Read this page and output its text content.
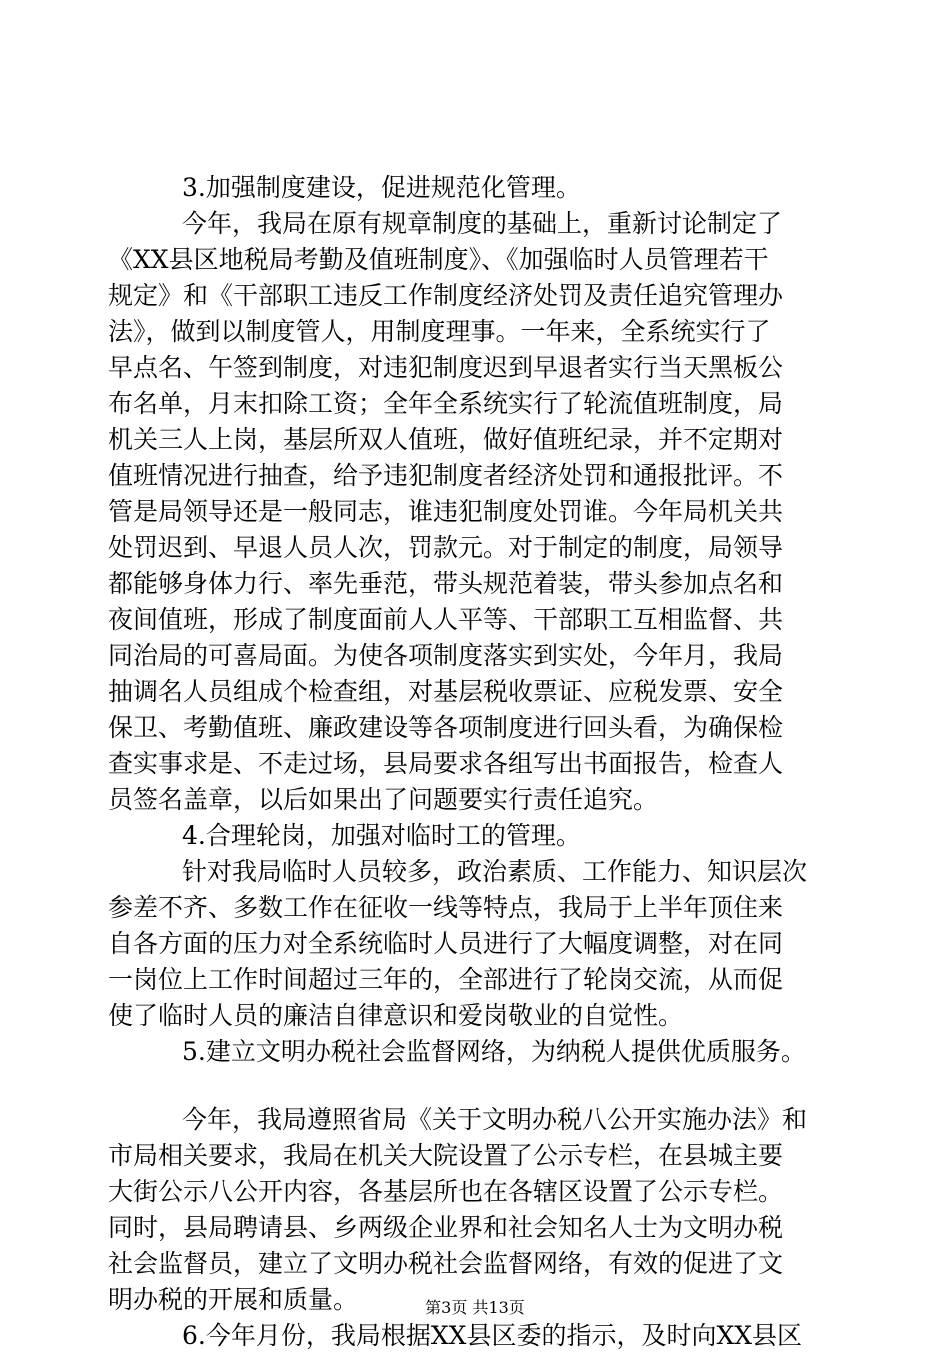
3.加强制度建设，促进规范化管理。
今年，我局在原有规章制度的基础上，重新讨论制定了
《XX县区地税局考勤及值班制度》、《加强临时人员管理若干
规定》和《干部职工违反工作制度经济处罚及责任追究管理办
法》，做到以制度管人，用制度理事。一年来，全系统实行了
早点名、午签到制度，对违犯制度迟到早退者实行当天黑板公
布名单，月末扣除工资；全年全系统实行了轮流值班制度，局
机关三人上岗，基层所双人值班，做好值班纪录，并不定期对
值班情况进行抽查，给予违犯制度者经济处罚和通报批评。不
管是局领导还是一般同志，谁违犯制度处罚谁。今年局机关共
处罚迟到、早退人员人次，罚款元。对于制定的制度，局领导
都能够身体力行、率先垂范，带头规范着装，带头参加点名和
夜间值班，形成了制度面前人人平等、干部职工互相监督、共
同治局的可喜局面。为使各项制度落实到实处，今年月，我局
抽调名人员组成个检查组，对基层税收票证、应税发票、安全
保卫、考勤值班、廉政建设等各项制度进行回头看，为确保检
查实事求是、不走过场，县局要求各组写出书面报告，检查人
员签名盖章，以后如果出了问题要实行责任追究。
4.合理轮岗，加强对临时工的管理。
针对我局临时人员较多，政治素质、工作能力、知识层次
参差不齐、多数工作在征收一线等特点，我局于上半年顶住来
自各方面的压力对全系统临时人员进行了大幅度调整，对在同
一岗位上工作时间超过三年的，全部进行了轮岗交流，从而促
使了临时人员的廉洁自律意识和爱岗敬业的自觉性。
5.建立文明办税社会监督网络，为纳税人提供优质服务。
今年，我局遵照省局《关于文明办税八公开实施办法》和
市局相关要求，我局在机关大院设置了公示专栏，在县城主要
大街公示八公开内容，各基层所也在各辖区设置了公示专栏。
同时，县局聘请县、乡两级企业界和社会知名人士为文明办税
社会监督员，建立了文明办税社会监督网络，有效的促进了文
明办税的开展和质量。
6.今年月份，我局根据XX县区委的指示，及时向XX县区
第3页 共13页
